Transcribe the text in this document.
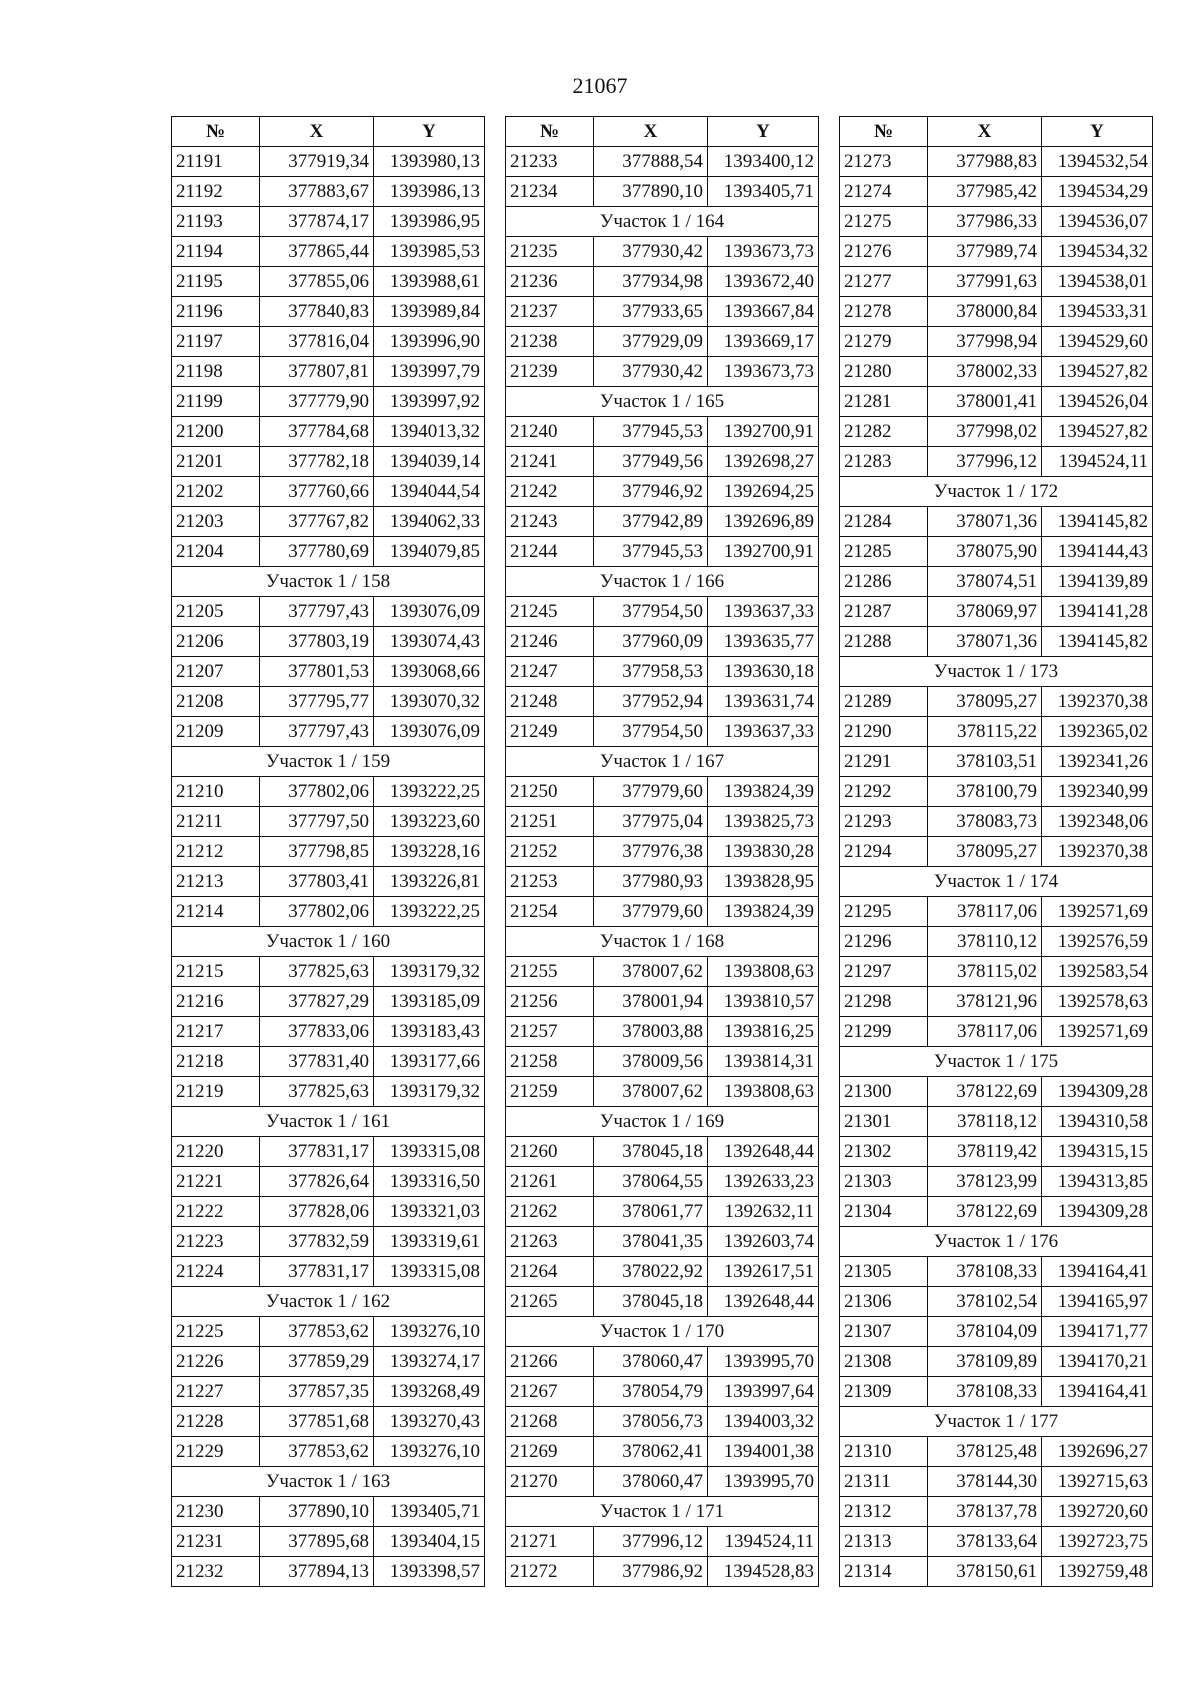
21067
№	X	Y
21191	377919,34	1393980,13
21192	377883,67	1393986,13
21193	377874,17	1393986,95
21194	377865,44	1393985,53
21195	377855,06	1393988,61
21196	377840,83	1393989,84
21197	377816,04	1393996,90
21198	377807,81	1393997,79
21199	377779,90	1393997,92
21200	377784,68	1394013,32
21201	377782,18	1394039,14
21202	377760,66	1394044,54
21203	377767,82	1394062,33
21204	377780,69	1394079,85
Участок 1 / 158		
21205	377797,43	1393076,09
21206	377803,19	1393074,43
21207	377801,53	1393068,66
21208	377795,77	1393070,32
21209	377797,43	1393076,09
Участок 1 / 159		
21210	377802,06	1393222,25
21211	377797,50	1393223,60
21212	377798,85	1393228,16
21213	377803,41	1393226,81
21214	377802,06	1393222,25
Участок 1 / 160		
21215	377825,63	1393179,32
21216	377827,29	1393185,09
21217	377833,06	1393183,43
21218	377831,40	1393177,66
21219	377825,63	1393179,32
Участок 1 / 161		
21220	377831,17	1393315,08
21221	377826,64	1393316,50
21222	377828,06	1393321,03
21223	377832,59	1393319,61
21224	377831,17	1393315,08
Участок 1 / 162		
21225	377853,62	1393276,10
21226	377859,29	1393274,17
21227	377857,35	1393268,49
21228	377851,68	1393270,43
21229	377853,62	1393276,10
Участок 1 / 163		
21230	377890,10	1393405,71
21231	377895,68	1393404,15
21232	377894,13	1393398,57
№	X	Y
21233	377888,54	1393400,12
21234	377890,10	1393405,71
Участок 1 / 164		
21235	377930,42	1393673,73
21236	377934,98	1393672,40
21237	377933,65	1393667,84
21238	377929,09	1393669,17
21239	377930,42	1393673,73
Участок 1 / 165		
21240	377945,53	1392700,91
21241	377949,56	1392698,27
21242	377946,92	1392694,25
21243	377942,89	1392696,89
21244	377945,53	1392700,91
Участок 1 / 166		
21245	377954,50	1393637,33
21246	377960,09	1393635,77
21247	377958,53	1393630,18
21248	377952,94	1393631,74
21249	377954,50	1393637,33
Участок 1 / 167		
21250	377979,60	1393824,39
21251	377975,04	1393825,73
21252	377976,38	1393830,28
21253	377980,93	1393828,95
21254	377979,60	1393824,39
Участок 1 / 168		
21255	378007,62	1393808,63
21256	378001,94	1393810,57
21257	378003,88	1393816,25
21258	378009,56	1393814,31
21259	378007,62	1393808,63
Участок 1 / 169		
21260	378045,18	1392648,44
21261	378064,55	1392633,23
21262	378061,77	1392632,11
21263	378041,35	1392603,74
21264	378022,92	1392617,51
21265	378045,18	1392648,44
Участок 1 / 170		
21266	378060,47	1393995,70
21267	378054,79	1393997,64
21268	378056,73	1394003,32
21269	378062,41	1394001,38
21270	378060,47	1393995,70
Участок 1 / 171		
21271	377996,12	1394524,11
21272	377986,92	1394528,83
№	X	Y
21273	377988,83	1394532,54
21274	377985,42	1394534,29
21275	377986,33	1394536,07
21276	377989,74	1394534,32
21277	377991,63	1394538,01
21278	378000,84	1394533,31
21279	377998,94	1394529,60
21280	378002,33	1394527,82
21281	378001,41	1394526,04
21282	377998,02	1394527,82
21283	377996,12	1394524,11
Участок 1 / 172		
21284	378071,36	1394145,82
21285	378075,90	1394144,43
21286	378074,51	1394139,89
21287	378069,97	1394141,28
21288	378071,36	1394145,82
Участок 1 / 173		
21289	378095,27	1392370,38
21290	378115,22	1392365,02
21291	378103,51	1392341,26
21292	378100,79	1392340,99
21293	378083,73	1392348,06
21294	378095,27	1392370,38
Участок 1 / 174		
21295	378117,06	1392571,69
21296	378110,12	1392576,59
21297	378115,02	1392583,54
21298	378121,96	1392578,63
21299	378117,06	1392571,69
Участок 1 / 175		
21300	378122,69	1394309,28
21301	378118,12	1394310,58
21302	378119,42	1394315,15
21303	378123,99	1394313,85
21304	378122,69	1394309,28
Участок 1 / 176		
21305	378108,33	1394164,41
21306	378102,54	1394165,97
21307	378104,09	1394171,77
21308	378109,89	1394170,21
21309	378108,33	1394164,41
Участок 1 / 177		
21310	378125,48	1392696,27
21311	378144,30	1392715,63
21312	378137,78	1392720,60
21313	378133,64	1392723,75
21314	378150,61	1392759,48
